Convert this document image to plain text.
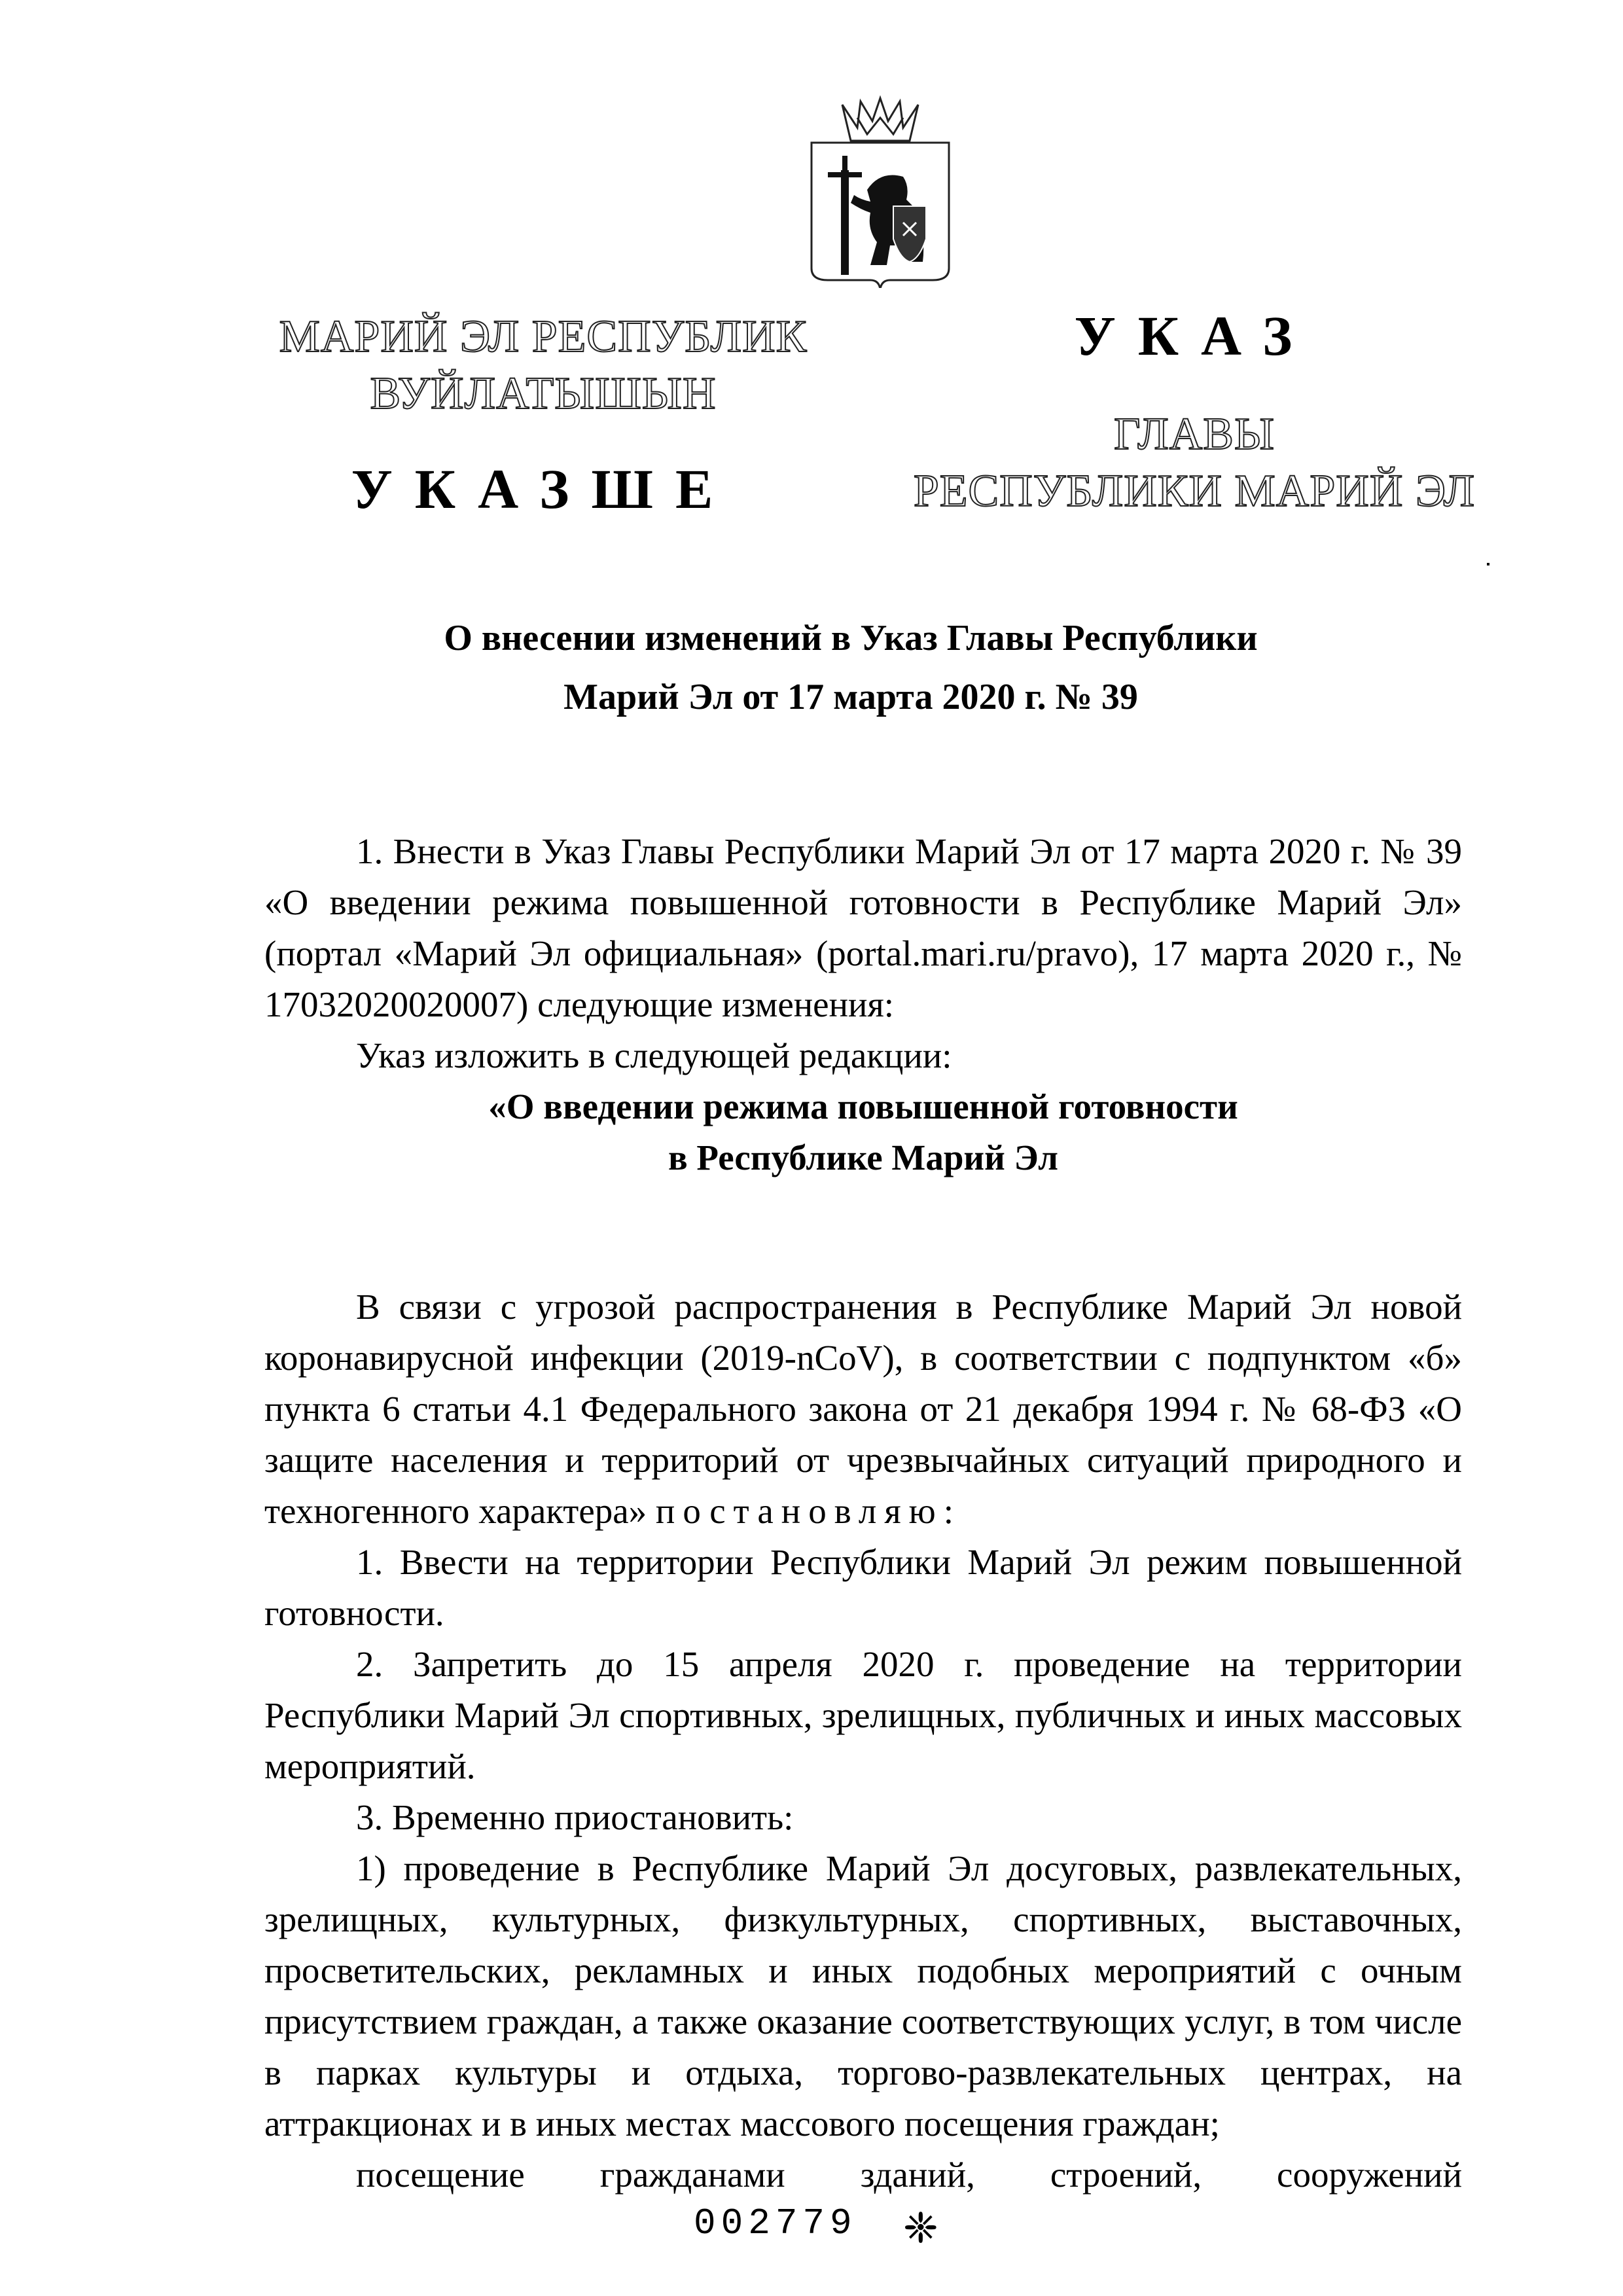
МАРИЙ ЭЛ РЕСПУБЛИК
ВУЙЛАТЫШЫН
УКАЗШЕ
УКАЗ
ГЛАВЫ
РЕСПУБЛИКИ МАРИЙ ЭЛ
О внесении изменений в Указ Главы Республики
Марий Эл от 17 марта 2020 г. № 39

1. Внести в Указ Главы Республики Марий Эл от 17 марта 2020 г. № 39 «О введении режима повышенной готовности в Республике Марий Эл» (портал «Марий Эл официальная» (portal.mari.ru/pravo), 17 марта 2020 г., № 17032020020007) следующие изменения:

Указ изложить в следующей редакции:

«О введении режима повышенной готовности

в Республике Марий Эл

В связи с угрозой распространения в Республике Марий Эл новой коронавирусной инфекции (2019-nCoV), в соответствии с подпунктом «б» пункта 6 статьи 4.1 Федерального закона от 21 декабря 1994 г. № 68-ФЗ «О защите населения и территорий от чрезвычайных ситуаций природного и техногенного характера» постановляю:

1. Ввести на территории Республики Марий Эл режим повышенной готовности.

2. Запретить до 15 апреля 2020 г. проведение на территории Республики Марий Эл спортивных, зрелищных, публичных и иных массовых мероприятий.

3. Временно приостановить:

1) проведение в Республике Марий Эл досуговых, развлекательных, зрелищных, культурных, физкультурных, спортивных, выставочных, просветительских, рекламных и иных подобных мероприятий с очным присутствием граждан, а также оказание соответствующих услуг, в том числе в парках культуры и отдыха, торгово-развлекательных центрах, на аттракционах и в иных местах массового посещения граждан;

посещение гражданами зданий, строений, сооружений

002779 ❈
